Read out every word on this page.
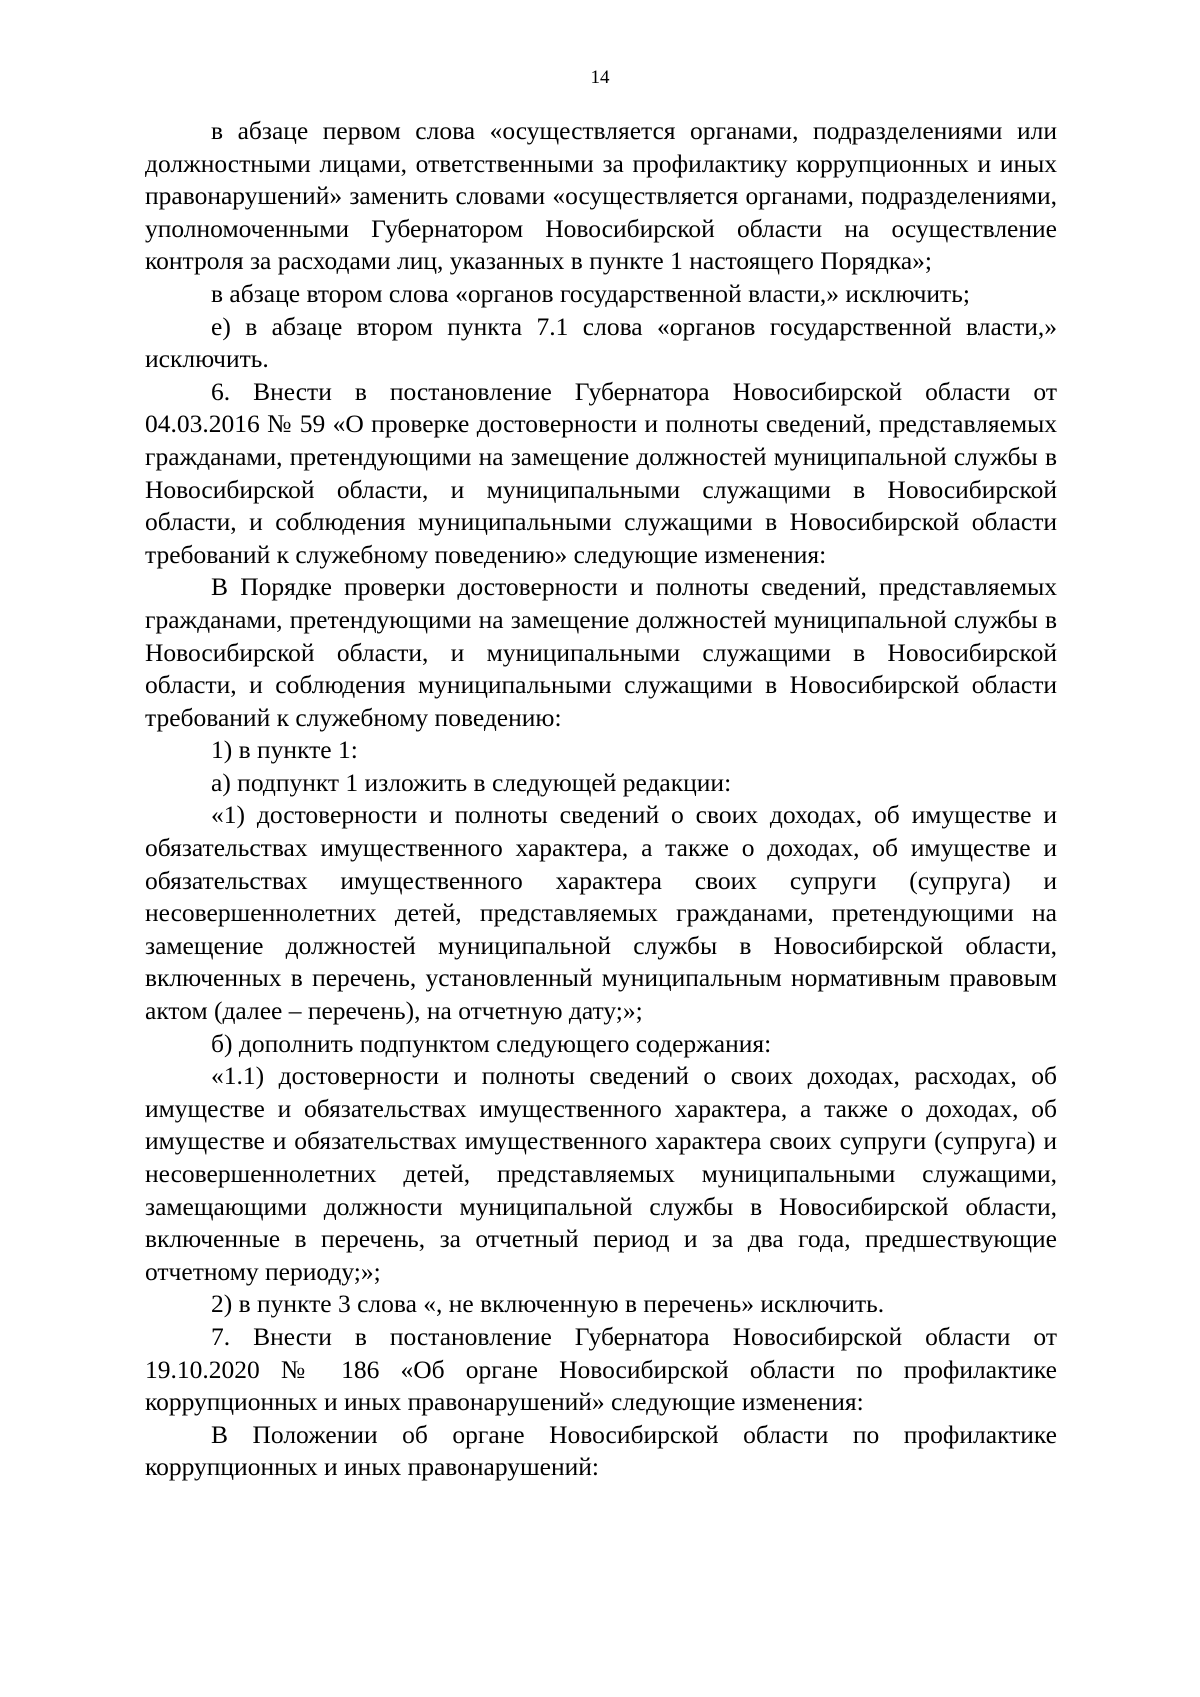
14

в абзаце первом слова «осуществляется органами, подразделениями или должностными лицами, ответственными за профилактику коррупционных и иных правонарушений» заменить словами «осуществляется органами, подразделениями, уполномоченными Губернатором Новосибирской области на осуществление контроля за расходами лиц, указанных в пункте 1 настоящего Порядка»;

в абзаце втором слова «органов государственной власти,» исключить;

е) в абзаце втором пункта 7.1 слова «органов государственной власти,» исключить.

6. Внести в постановление Губернатора Новосибирской области от 04.03.2016 № 59 «О проверке достоверности и полноты сведений, представляемых гражданами, претендующими на замещение должностей муниципальной службы в Новосибирской области, и муниципальными служащими в Новосибирской области, и соблюдения муниципальными служащими в Новосибирской области требований к служебному поведению» следующие изменения:

В Порядке проверки достоверности и полноты сведений, представляемых гражданами, претендующими на замещение должностей муниципальной службы в Новосибирской области, и муниципальными служащими в Новосибирской области, и соблюдения муниципальными служащими в Новосибирской области требований к служебному поведению:

1) в пункте 1:

а) подпункт 1 изложить в следующей редакции:

«1) достоверности и полноты сведений о своих доходах, об имуществе и обязательствах имущественного характера, а также о доходах, об имуществе и обязательствах имущественного характера своих супруги (супруга) и несовершеннолетних детей, представляемых гражданами, претендующими на замещение должностей муниципальной службы в Новосибирской области, включенных в перечень, установленный муниципальным нормативным правовым актом (далее – перечень), на отчетную дату;»;

б) дополнить подпунктом следующего содержания:

«1.1) достоверности и полноты сведений о своих доходах, расходах, об имуществе и обязательствах имущественного характера, а также о доходах, об имуществе и обязательствах имущественного характера своих супруги (супруга) и несовершеннолетних детей, представляемых муниципальными служащими, замещающими должности муниципальной службы в Новосибирской области, включенные в перечень, за отчетный период и за два года, предшествующие отчетному периоду;»;

2) в пункте 3 слова «, не включенную в перечень» исключить.

7. Внести в постановление Губернатора Новосибирской области от 19.10.2020 № 186 «Об органе Новосибирской области по профилактике коррупционных и иных правонарушений» следующие изменения:

В Положении об органе Новосибирской области по профилактике коррупционных и иных правонарушений:
